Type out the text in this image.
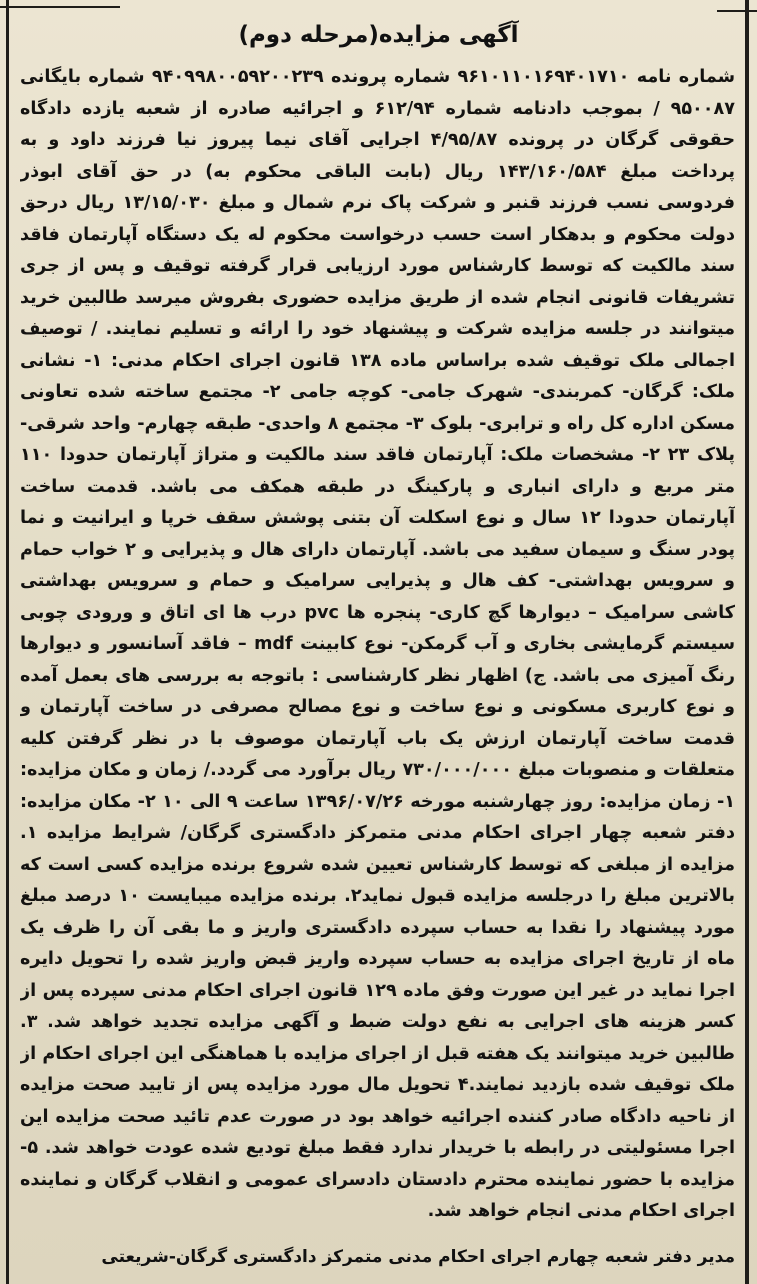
آگهی مزایده(مرحله دوم)
شماره نامه ۹۶۱۰۱۱۰۱۶۹۴۰۱۷۱۰ شماره پرونده ۹۴۰۹۹۸۰۰۵۹۲۰۰۲۳۹ شماره بایگانی ۹۵۰۰۸۷ / بموجب دادنامه شماره ۶۱۲/۹۴ و اجرائیه صادره از شعبه یازده دادگاه حقوقی گرگان در پرونده ۴/۹۵/۸۷ اجرایی آقای نیما پیروز نیا فرزند داود و به پرداخت مبلغ ۱۴۳/۱۶۰/۵۸۴ ریال (بابت الباقی محکوم به) در حق آقای ابوذر فردوسی نسب فرزند قنبر و شرکت پاک نرم شمال و مبلغ ۱۳/۱۵/۰۳۰ ریال درحق دولت محکوم و بدهکار است حسب درخواست محکوم له یک دستگاه آپارتمان فاقد سند مالکیت که توسط کارشناس مورد ارزیابی قرار گرفته توقیف و پس از جری تشریفات قانونی انجام شده از طریق مزایده حضوری بفروش میرسد طالبین خرید میتوانند در جلسه مزایده شرکت و پیشنهاد خود را ارائه و تسلیم نمایند. / توصیف اجمالی ملک توقیف شده براساس ماده ۱۳۸ قانون اجرای احکام مدنی: ۱- نشانی ملک: گرگان- کمربندی- شهرک جامی- کوچه جامی ۲- مجتمع ساخته شده تعاونی مسکن اداره کل راه و ترابری- بلوک ۳- مجتمع ۸ واحدی- طبقه چهارم- واحد شرقی- پلاک ۲۳ ۲- مشخصات ملک: آپارتمان فاقد سند مالکیت و متراژ آپارتمان حدودا ۱۱۰ متر مربع و دارای انباری و پارکینگ در طبقه همکف می باشد. قدمت ساخت آپارتمان حدودا ۱۲ سال و نوع اسکلت آن بتنی پوشش سقف خرپا و ایرانیت و نما پودر سنگ و سیمان سفید می باشد. آپارتمان دارای هال و پذیرایی و ۲ خواب حمام و سرویس بهداشتی- کف هال و پذیرایی سرامیک و حمام و سرویس بهداشتی کاشی سرامیک – دیوارها گچ کاری- پنجره ها pvc درب ها ای اتاق و ورودی چوبی سیستم گرمایشی بخاری و آب گرمکن- نوع کابینت mdf – فاقد آسانسور و دیوارها رنگ آمیزی می باشد. ج) اظهار نظر کارشناسی : باتوجه به بررسی های بعمل آمده و نوع کاربری مسکونی و نوع ساخت و نوع مصالح مصرفی در ساخت آپارتمان و قدمت ساخت آپارتمان ارزش یک باب آپارتمان موصوف با در نظر گرفتن کلیه متعلقات و منصوبات مبلغ ۷۳۰/۰۰۰/۰۰۰ ریال برآورد می گردد./ زمان و مکان مزایده: ۱- زمان مزایده: روز چهارشنبه مورخه ۱۳۹۶/۰۷/۲۶ ساعت ۹ الی ۱۰ ۲- مکان مزایده: دفتر شعبه چهار اجرای احکام مدنی متمرکز دادگستری گرگان/ شرایط مزایده ۱. مزایده از مبلغی که توسط کارشناس تعیین شده شروع برنده مزایده کسی است که بالاترین مبلغ را درجلسه مزایده قبول نماید۲. برنده مزایده میبایست ۱۰ درصد مبلغ مورد پیشنهاد را نقدا به حساب سپرده دادگستری واریز و ما بقی آن را ظرف یک ماه از تاریخ اجرای مزایده به حساب سپرده واریز قبض واریز شده را تحویل دایره اجرا نماید در غیر این صورت وفق ماده ۱۲۹ قانون اجرای احکام مدنی سپرده پس از کسر هزینه های اجرایی به نفع دولت ضبط و آگهی مزایده تجدید خواهد شد. ۳. طالبین خرید میتوانند یک هفته قبل از اجرای مزایده با هماهنگی این اجرای احکام از ملک توقیف شده بازدید نمایند.۴ تحویل مال مورد مزایده پس از تایید صحت مزایده از ناحیه دادگاه صادر کننده اجرائیه خواهد بود در صورت عدم تائید صحت مزایده این اجرا مسئولیتی در رابطه با خریدار ندارد فقط مبلغ تودیع شده عودت خواهد شد. ۵- مزایده با حضور نماینده محترم دادستان دادسرای عمومی و انقلاب گرگان و نماینده اجرای احکام مدنی انجام خواهد شد.
مدیر دفتر شعبه چهارم اجرای احکام مدنی متمرکز دادگستری گرگان-شریعتی
